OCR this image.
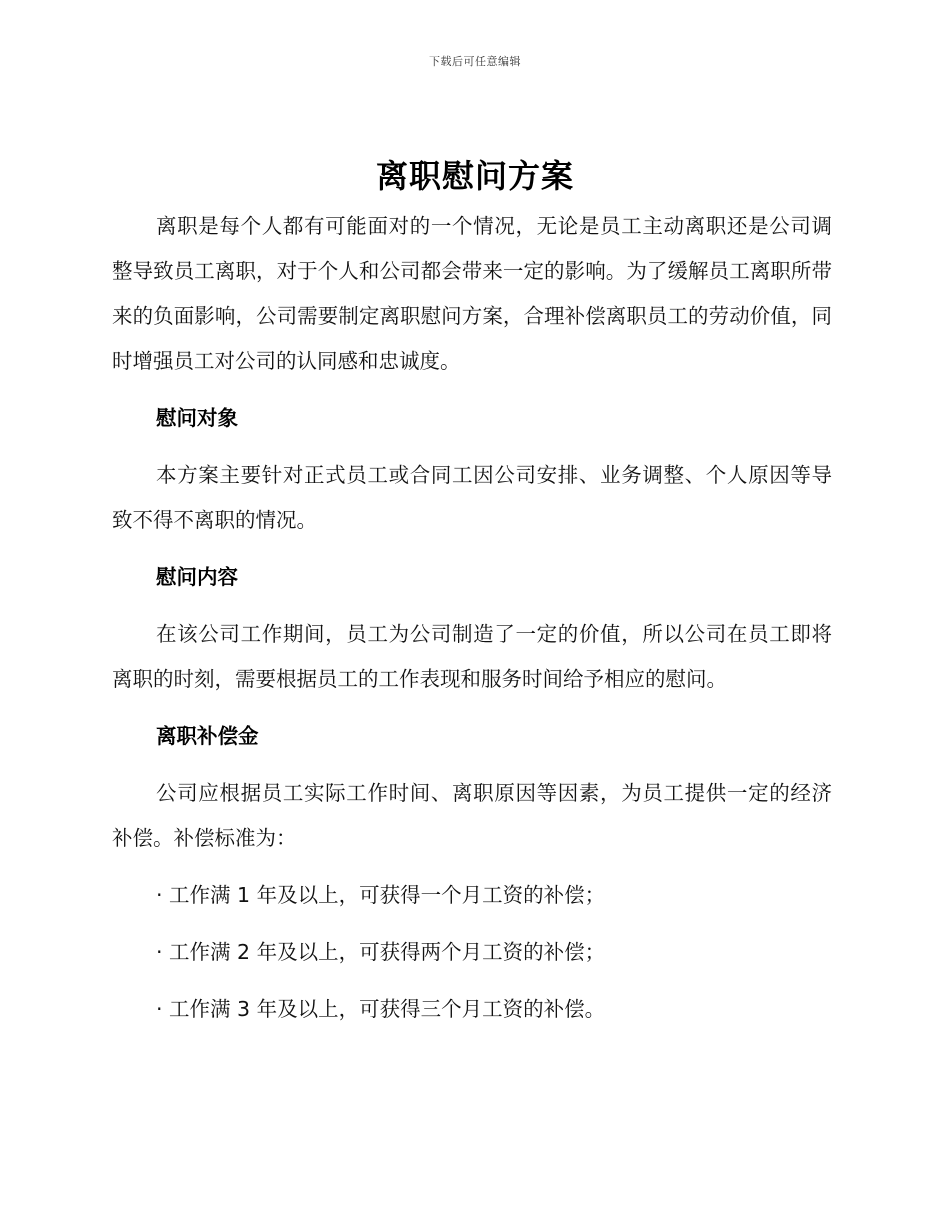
下载后可任意编辑
离职慰问方案

离职是每个人都有可能面对的一个情况，无论是员工主动离职还是公司调整导致员工离职，对于个人和公司都会带来一定的影响。为了缓解员工离职所带来的负面影响，公司需要制定离职慰问方案，合理补偿离职员工的劳动价值，同时增强员工对公司的认同感和忠诚度。

慰问对象

本方案主要针对正式员工或合同工因公司安排、业务调整、个人原因等导致不得不离职的情况。

慰问内容

在该公司工作期间，员工为公司制造了一定的价值，所以公司在员工即将离职的时刻，需要根据员工的工作表现和服务时间给予相应的慰问。

离职补偿金

公司应根据员工实际工作时间、离职原因等因素，为员工提供一定的经济补偿。补偿标准为：

· 工作满 1 年及以上，可获得一个月工资的补偿；

· 工作满 2 年及以上，可获得两个月工资的补偿；

· 工作满 3 年及以上，可获得三个月工资的补偿。
